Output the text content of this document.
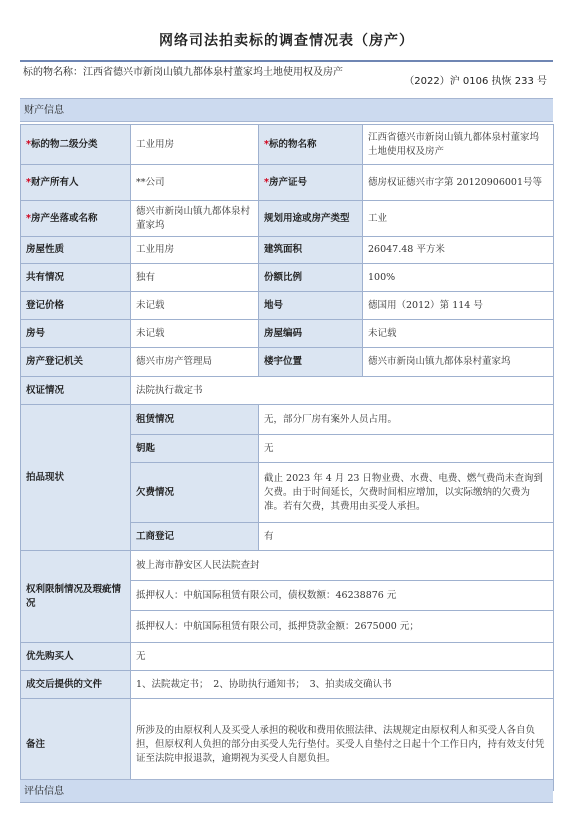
网络司法拍卖标的调查情况表（房产）
标的物名称：江西省德兴市新岗山镇九都体泉村董家坞土地使用权及房产
（2022）沪 0106 执恢 233 号
财产信息
*标的物二级分类	工业用房	*标的物名称	江西省德兴市新岗山镇九都体泉村董家坞土地使用权及房产
*财产所有人	**公司	*房产证号	德房权证德兴市字第 20120906001号等
*房产坐落或名称	德兴市新岗山镇九都体泉村董家坞	规划用途或房产类型	工业
房屋性质	工业用房	建筑面积	26047.48 平方米
共有情况	独有	份额比例	100%
登记价格	未记载	地号	德国用（2012）第 114 号
房号	未记载	房屋编码	未记载
房产登记机关	德兴市房产管理局	楼宇位置	德兴市新岗山镇九都体泉村董家坞
权证情况	法院执行裁定书		
拍品现状	租赁情况	无，部分厂房有案外人员占用。	
	钥匙	无	
	欠费情况	截止 2023 年 4 月 23 日物业费、水费、电费、燃气费尚未查询到欠费。由于时间延长，欠费时间相应增加，以实际缴纳的欠费为准。若有欠费，其费用由买受人承担。	
	工商登记	有	
权利限制情况及瑕疵情况	被上海市静安区人民法院查封		
	抵押权人：中航国际租赁有限公司，债权数额：46238876 元		
	抵押权人：中航国际租赁有限公司，抵押贷款金额：2675000 元；		
优先购买人	无		
成交后提供的文件	1、法院裁定书；　2、协助执行通知书；　3、拍卖成交确认书		
备注	所涉及的由原权利人及买受人承担的税收和费用依照法律、法规规定由原权利人和买受人各自负担，但原权利人负担的部分由买受人先行垫付。买受人自垫付之日起十个工作日内，持有效支付凭证至法院申报退款，逾期视为买受人自愿负担。		
评估信息
